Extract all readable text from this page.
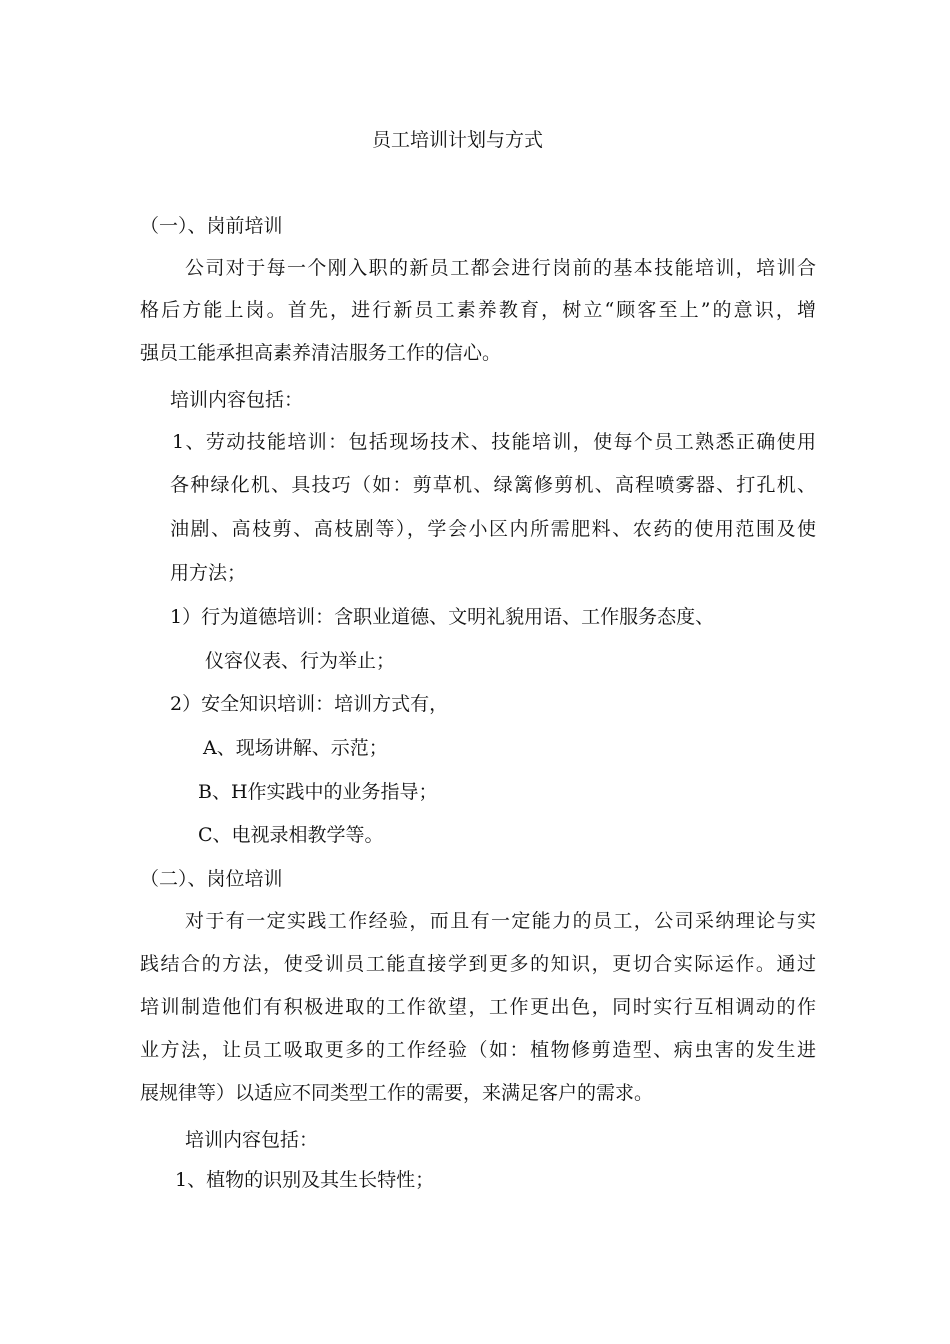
员工培训计划与方式

（一）、岗前培训

公司对于每一个刚入职的新员工都会进行岗前的基本技能培训，培训合

格后方能上岗。首先，进行新员工素养教育，树立“顾客至上”的意识，增

强员工能承担高素养清洁服务工作的信心。

培训内容包括：

1、劳动技能培训：包括现场技术、技能培训，使每个员工熟悉正确使用

各种绿化机、具技巧（如：剪草机、绿篱修剪机、高程喷雾器、打孔机、

油剧、高枝剪、高枝剧等），学会小区内所需肥料、农药的使用范围及使

用方法；

1）行为道德培训：含职业道德、文明礼貌用语、工作服务态度、

仪容仪表、行为举止；

2）安全知识培训：培训方式有，

A、现场讲解、示范；

B、H作实践中的业务指导；

C、电视录相教学等。

（二）、岗位培训

对于有一定实践工作经验，而且有一定能力的员工，公司采纳理论与实

践结合的方法，使受训员工能直接学到更多的知识，更切合实际运作。通过

培训制造他们有积极进取的工作欲望，工作更出色，同时实行互相调动的作

业方法，让员工吸取更多的工作经验（如：植物修剪造型、病虫害的发生进

展规律等）以适应不同类型工作的需要，来满足客户的需求。

培训内容包括：

1、植物的识别及其生长特性；
